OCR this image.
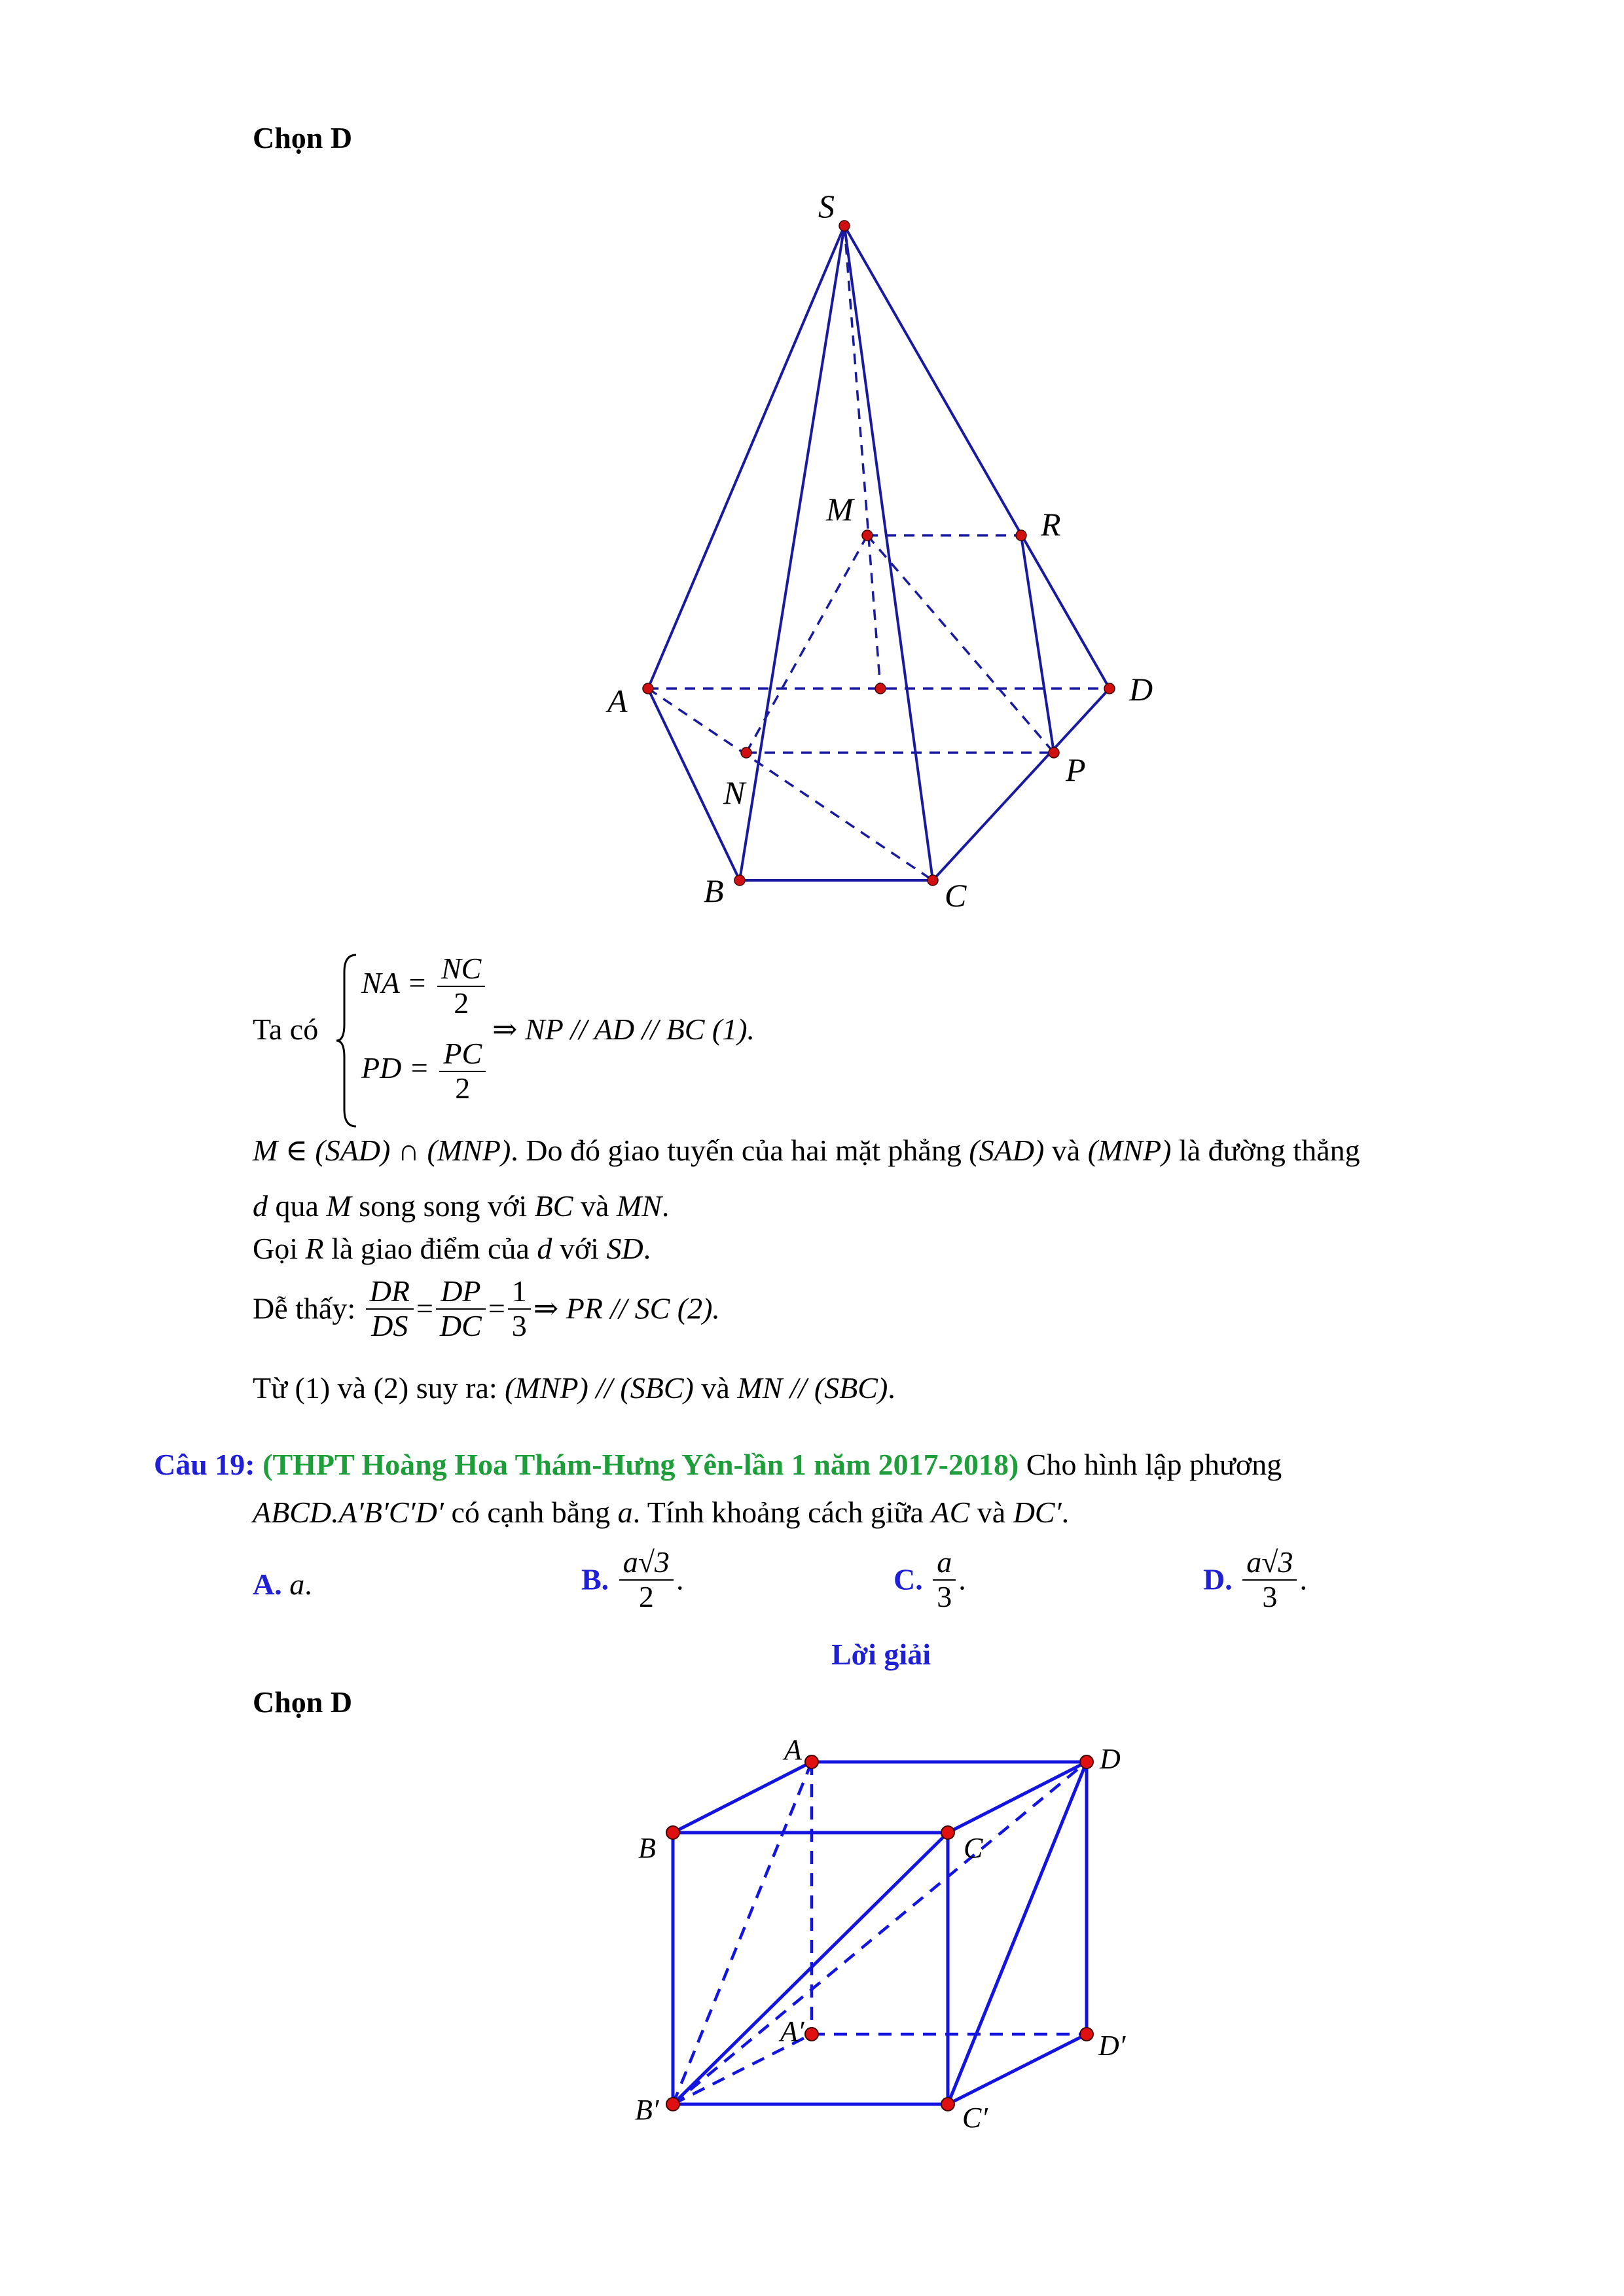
Chọn D
S
M	R
A	D
N
P
B	C
Ta có
NA = $\frac{NC}{2}$
PD = $\frac{PC}{2}$
⇒ NP // AD // BC (1).
M ∈ (SAD) ∩ (MNP). Do đó giao tuyến của hai mặt phẳng (SAD) và (MNP) là đường thẳng
d qua M song song với BC và MN.
Gọi R là giao điểm của d với SD.
Dễ thấy: $\frac{DR}{DS} = \frac{DP}{DC} = \frac{1}{3}$ ⇒ PR // SC (2).
Từ (1) và (2) suy ra: (MNP) // (SBC) và MN // (SBC).
Câu 19: (THPT Hoàng Hoa Thám-Hưng Yên-lần 1 năm 2017-2018) Cho hình lập phương
ABCD.A′B′C′D′ có cạnh bằng a. Tính khoảng cách giữa AC và DC′.
A. a.	B. $\frac{a√3}{2}$ .	C. $\frac{a}{3}$ .	D. $\frac{a√3}{3}$ .
Lời giải
Chọn D
A	D
B	C
A′	D′
B′	C′
